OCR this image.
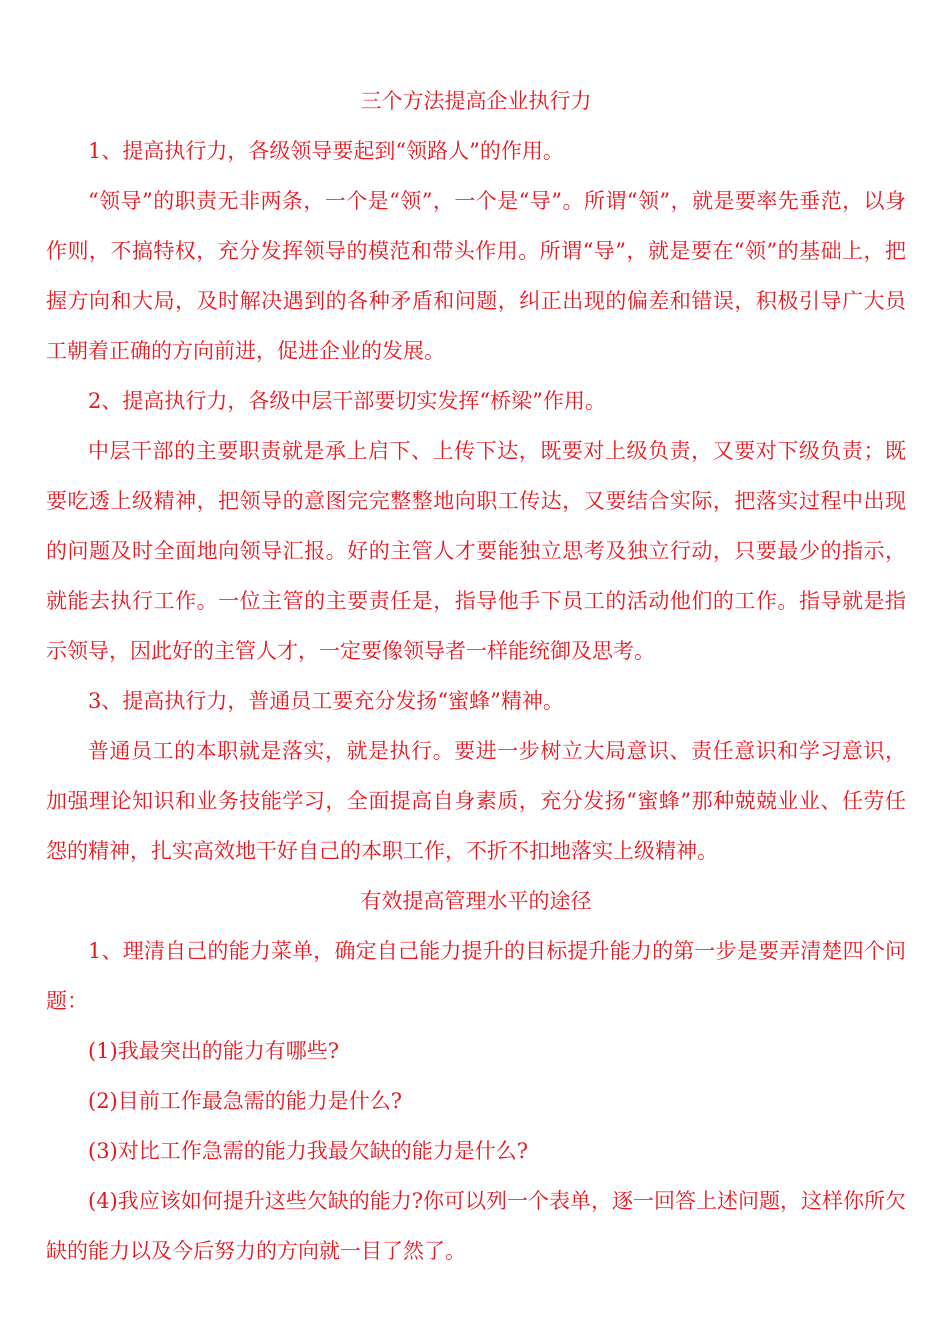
三个方法提高企业执行力

1、提高执行力，各级领导要起到“领路人”的作用。

“领导”的职责无非两条，一个是“领”，一个是“导”。所谓“领”，就是要率先垂范，以身作则，不搞特权，充分发挥领导的模范和带头作用。所谓“导”，就是要在“领”的基础上，把握方向和大局，及时解决遇到的各种矛盾和问题，纠正出现的偏差和错误，积极引导广大员工朝着正确的方向前进，促进企业的发展。

2、提高执行力，各级中层干部要切实发挥“桥梁”作用。

中层干部的主要职责就是承上启下、上传下达，既要对上级负责，又要对下级负责；既要吃透上级精神，把领导的意图完完整整地向职工传达，又要结合实际，把落实过程中出现的问题及时全面地向领导汇报。好的主管人才要能独立思考及独立行动，只要最少的指示，就能去执行工作。一位主管的主要责任是，指导他手下员工的活动他们的工作。指导就是指示领导，因此好的主管人才，一定要像领导者一样能统御及思考。

3、提高执行力，普通员工要充分发扬“蜜蜂”精神。

普通员工的本职就是落实，就是执行。要进一步树立大局意识、责任意识和学习意识，加强理论知识和业务技能学习，全面提高自身素质，充分发扬“蜜蜂”那种兢兢业业、任劳任怨的精神，扎实高效地干好自己的本职工作，不折不扣地落实上级精神。

有效提高管理水平的途径

1、理清自己的能力菜单，确定自己能力提升的目标提升能力的第一步是要弄清楚四个问题：

(1)我最突出的能力有哪些?

(2)目前工作最急需的能力是什么?

(3)对比工作急需的能力我最欠缺的能力是什么?

(4)我应该如何提升这些欠缺的能力?你可以列一个表单，逐一回答上述问题，这样你所欠缺的能力以及今后努力的方向就一目了然了。
